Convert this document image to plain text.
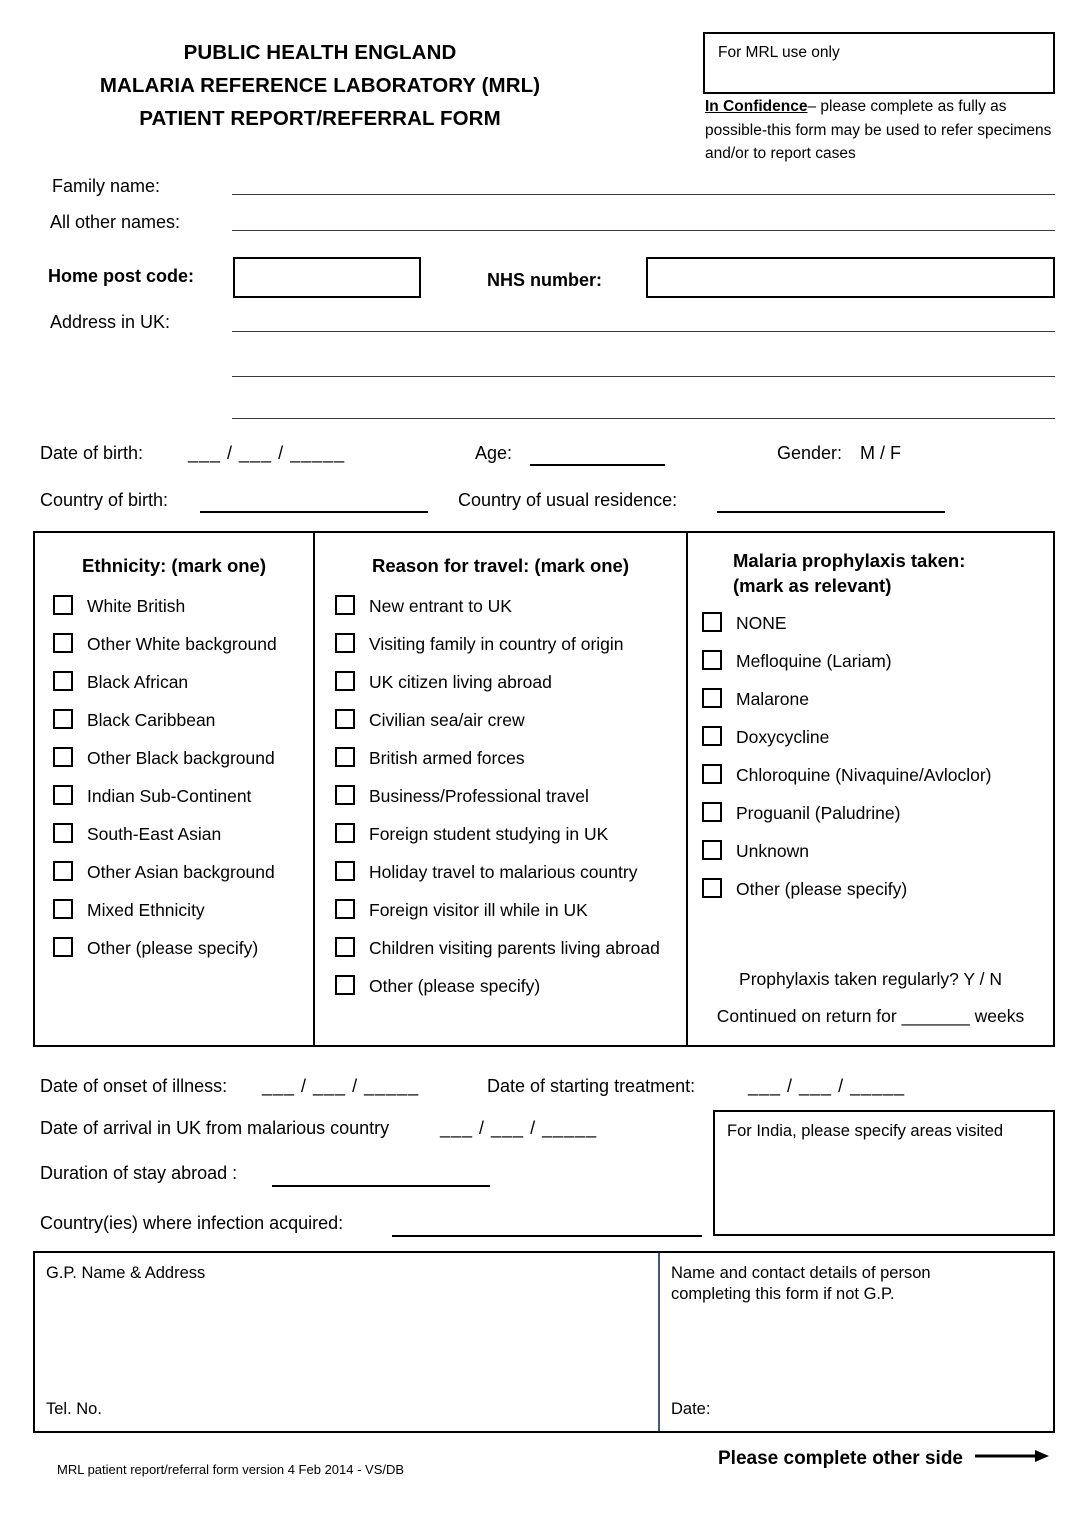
PUBLIC HEALTH ENGLAND
MALARIA REFERENCE LABORATORY (MRL)
PATIENT REPORT/REFERRAL FORM
For MRL use only
In Confidence– please complete as fully as possible-this form may be used to refer specimens and/or to report cases
Family name:
All other names:
Home post code:	NHS number:
Address in UK:
Date of birth: ___ / ___ / _____	Age:	Gender: M / F
Country of birth:	Country of usual residence:
Ethnicity: (mark one)
White British
Other White background
Black African
Black Caribbean
Other Black background
Indian Sub-Continent
South-East Asian
Other Asian background
Mixed Ethnicity
Other (please specify)
Reason for travel: (mark one)
New entrant to UK
Visiting family in country of origin
UK citizen living abroad
Civilian sea/air crew
British armed forces
Business/Professional travel
Foreign student studying in UK
Holiday travel to malarious country
Foreign visitor ill while in UK
Children visiting parents living abroad
Other (please specify)
Malaria prophylaxis taken:
(mark as relevant)
NONE
Mefloquine (Lariam)
Malarone
Doxycycline
Chloroquine (Nivaquine/Avloclor)
Proguanil (Paludrine)
Unknown
Other (please specify)
Prophylaxis taken regularly? Y / N
Continued on return for _______ weeks
Date of onset of illness: ___ / ___ / _____	Date of starting treatment:	___ / ___ / _____
Date of arrival in UK from malarious country	___ / ___ / _____
Duration of stay abroad :
Country(ies) where infection acquired:
For India, please specify areas visited
G.P. Name & Address
Tel. No.
Name and contact details of person
completing this form if not G.P.
Date:
MRL patient report/referral form version 4 Feb 2014 - VS/DB
Please complete other side
